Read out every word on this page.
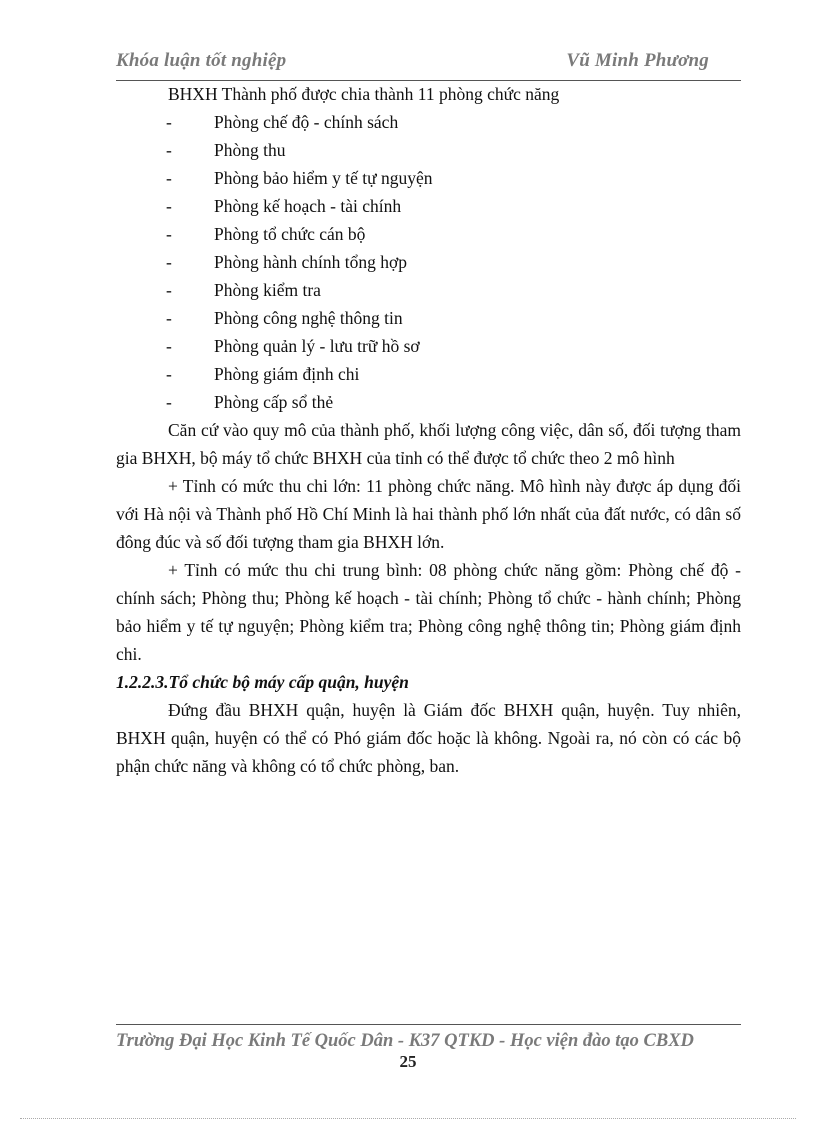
Khóa luận tốt nghiệp	Vũ Minh Phương
BHXH Thành phố được chia thành 11 phòng chức năng
-	Phòng chế độ - chính sách
-	Phòng thu
-	Phòng bảo hiểm y tế tự nguyện
-	Phòng kế hoạch - tài chính
-	Phòng tổ chức cán bộ
-	Phòng hành chính tổng hợp
-	Phòng kiểm tra
-	Phòng công nghệ thông tin
-	Phòng quản lý - lưu trữ hồ sơ
-	Phòng giám định chi
-	Phòng cấp sổ thẻ

Căn cứ vào quy mô của thành phố, khối lượng công việc, dân số, đối tượng tham gia BHXH, bộ máy tổ chức BHXH của tỉnh có thể được tổ chức theo 2 mô hình

+ Tỉnh có mức thu chi lớn: 11 phòng chức năng. Mô hình này được áp dụng đối với Hà nội và Thành phố Hồ Chí Minh là hai thành phố lớn nhất của đất nước, có dân số đông đúc và số đối tượng tham gia BHXH lớn.

+ Tỉnh có mức thu chi trung bình: 08 phòng chức năng gồm: Phòng chế độ - chính sách; Phòng thu; Phòng kế hoạch - tài chính; Phòng tổ chức - hành chính; Phòng bảo hiểm y tế tự nguyện; Phòng kiểm tra; Phòng công nghệ thông tin; Phòng giám định chi.

1.2.2.3.Tổ chức bộ máy cấp quận, huyện

Đứng đầu BHXH quận, huyện là Giám đốc BHXH quận, huyện. Tuy nhiên, BHXH quận, huyện có thể có Phó giám đốc hoặc là không. Ngoài ra, nó còn có các bộ phận chức năng và không có tổ chức phòng, ban.

Trường Đại Học Kinh Tế Quốc Dân - K37 QTKD - Học viện đào tạo CBXD
25
